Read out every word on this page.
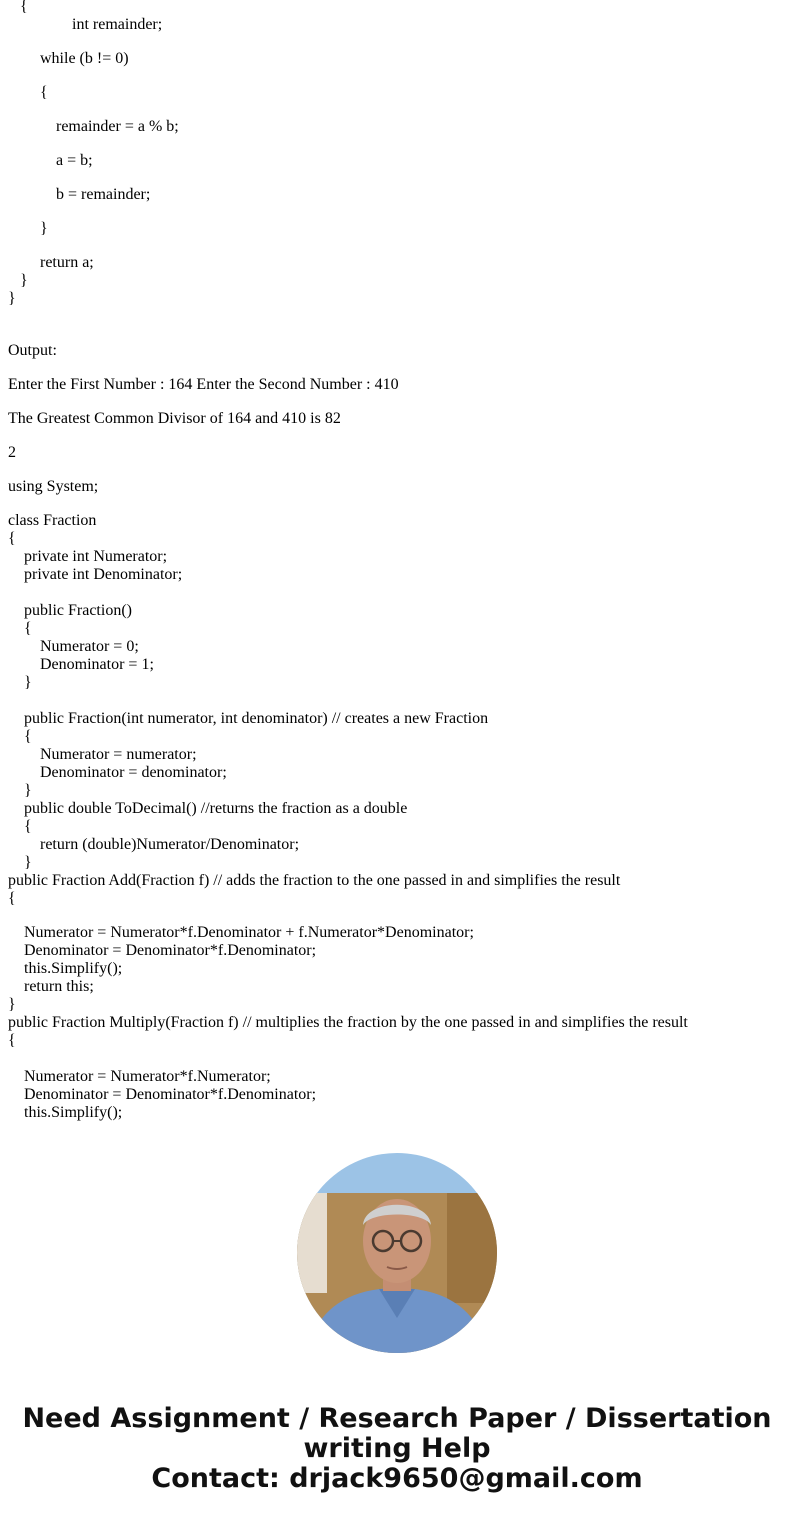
{
int remainder;
while (b != 0)
{
remainder = a % b;
a = b;
b = remainder;
}
return a;
}
}
Output:
Enter the First Number : 164 Enter the Second Number : 410
The Greatest Common Divisor of 164 and 410 is 82
2
using System;
class Fraction
{
private int Numerator;
private int Denominator;
public Fraction()
{
Numerator = 0;
Denominator = 1;
}
public Fraction(int numerator, int denominator) // creates a new Fraction
{
Numerator = numerator;
Denominator = denominator;
}
public double ToDecimal() //returns the fraction as a double
{
return (double)Numerator/Denominator;
}
public Fraction Add(Fraction f) // adds the fraction to the one passed in and simplifies the result
{
Numerator = Numerator*f.Denominator + f.Numerator*Denominator;
Denominator = Denominator*f.Denominator;
this.Simplify();
return this;
}
public Fraction Multiply(Fraction f) // multiplies the fraction by the one passed in and simplifies the result
{
Numerator = Numerator*f.Numerator;
Denominator = Denominator*f.Denominator;
this.Simplify();
Need Assignment / Research Paper / Dissertation
writing Help
Contact: drjack9650@gmail.com
